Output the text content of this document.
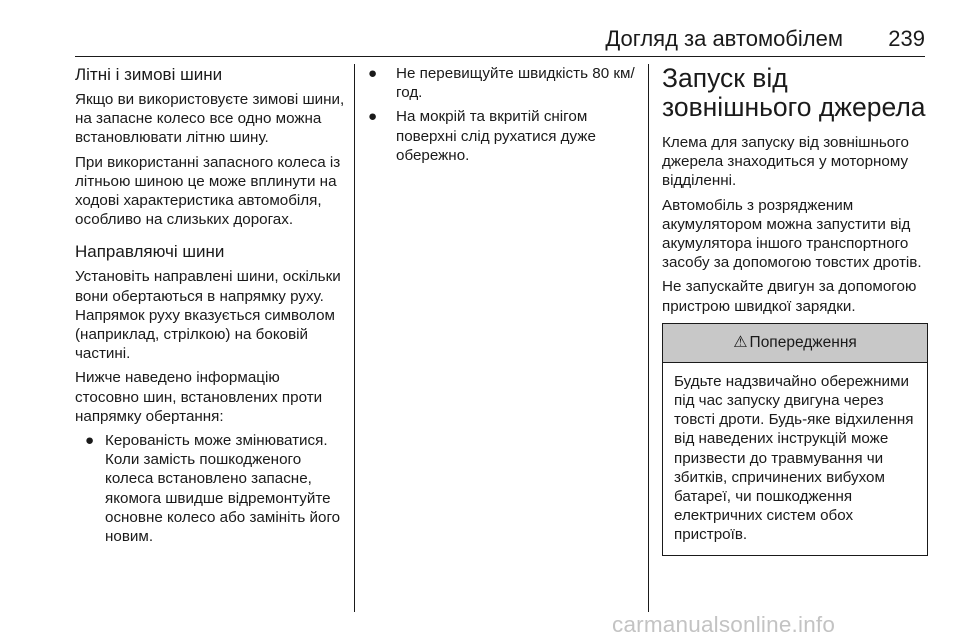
Догляд за автомобілем 239
Літні і зимові шини

Якщо ви використовуєте зимові шини, на запасне колесо все одно можна встановлювати літню шину.

При використанні запасного колеса із літньою шиною це може вплинути на ходові характеристика автомобіля, особливо на слизьких дорогах.

Направляючі шини

Установіть направлені шини, оскільки вони обертаються в напрямку руху. Напрямок руху вказується символом (наприклад, стрілкою) на боковій частині.

Нижче наведено інформацію стосовно шин, встановлених проти напрямку обертання:

● Керованість може змінюватися. Коли замість пошкодженого колеса встановлено запасне, якомога швидше відремонтуйте основне колесо або замініть його новим.
● Не перевищуйте швидкість 80 км/год.
● На мокрій та вкритій снігом поверхні слід рухатися дуже обережно.
Запуск від зовнішнього джерела

Клема для запуску від зовнішнього джерела знаходиться у моторному відділенні.

Автомобіль з розрядженим акумулятором можна запустити від акумулятора іншого транспортного засобу за допомогою товстих дротів.

Не запускайте двигун за допомогою пристрою швидкої зарядки.

⚠ Попередження
Будьте надзвичайно обережними під час запуску двигуна через товсті дроти. Будь-яке відхилення від наведених інструкцій може призвести до травмування чи збитків, спричинених вибухом батареї, чи пошкодження електричних систем обох пристроїв.
carmanualsonline.info
